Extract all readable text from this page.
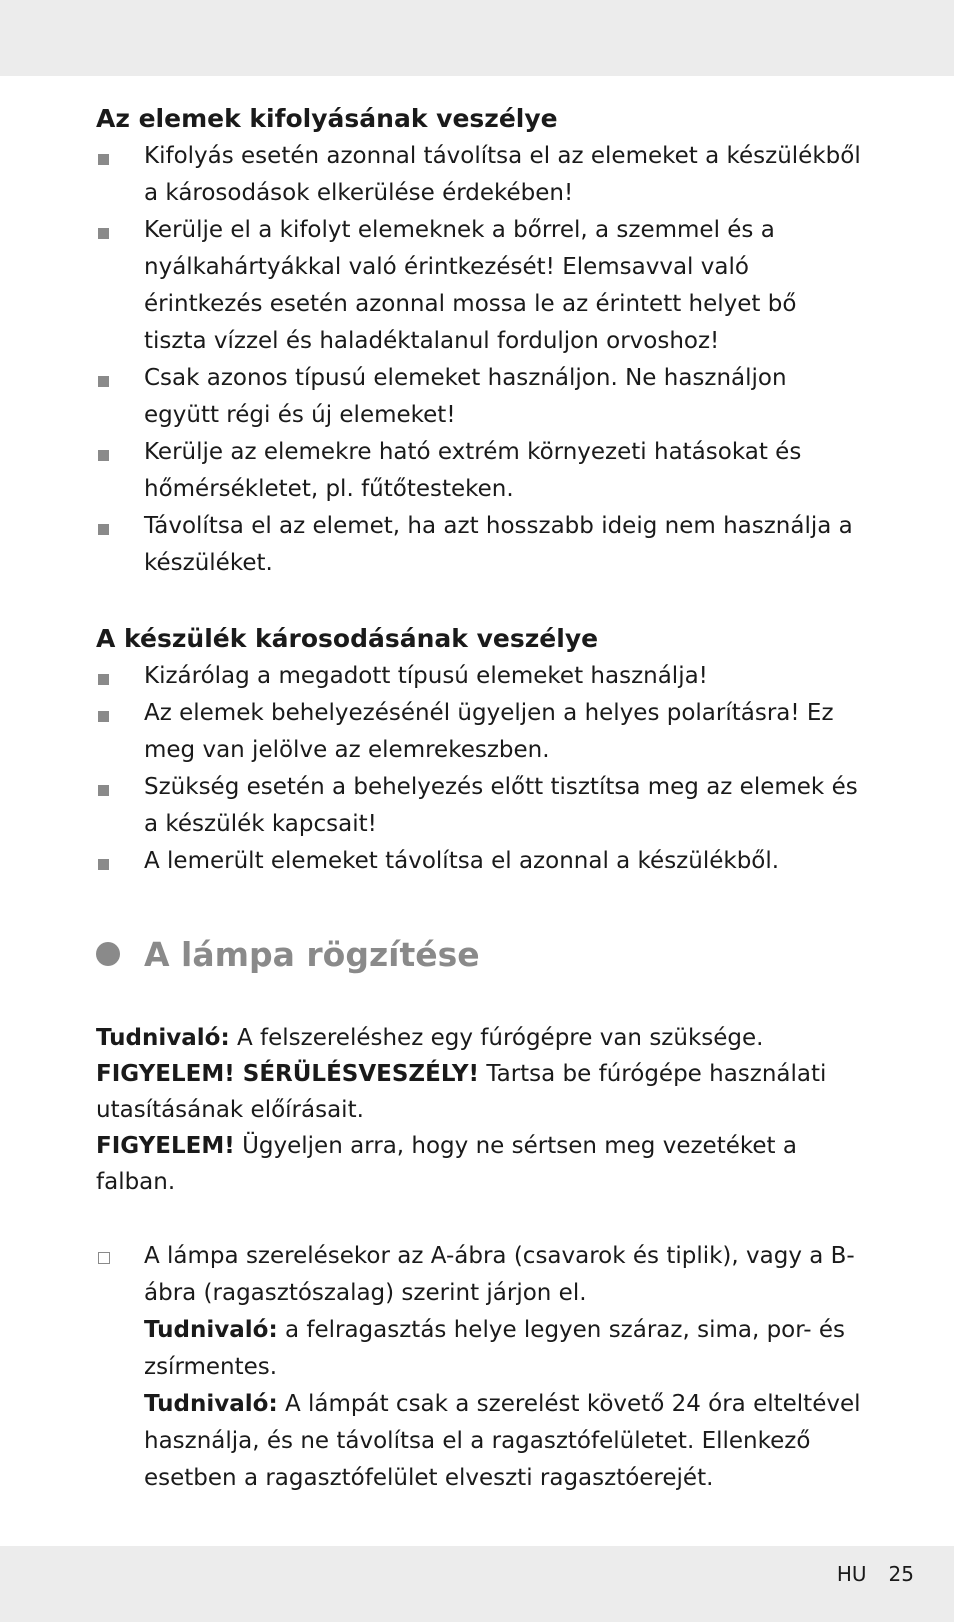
Az elemek kifolyásának veszélye
Kifolyás esetén azonnal távolítsa el az elemeket a készülékből a károsodások elkerülése érdekében!
Kerülje el a kifolyt elemeknek a bőrrel, a szemmel és a nyálkahártyákkal való érintkezését! Elemsavval való érintkezés esetén azonnal mossa le az érintett helyet bő tiszta vízzel és haladéktalanul forduljon orvoshoz!
Csak azonos típusú elemeket használjon. Ne használjon együtt régi és új elemeket!
Kerülje az elemekre ható extrém környezeti hatásokat és hőmérsékletet, pl. fűtőtesteken.
Távolítsa el az elemet, ha azt hosszabb ideig nem használja a készüléket.
A készülék károsodásának veszélye
Kizárólag a megadott típusú elemeket használja!
Az elemek behelyezésénél ügyeljen a helyes polarításra! Ez meg van jelölve az elemrekeszben.
Szükség esetén a behelyezés előtt tisztítsa meg az elemek és a készülék kapcsait!
A lemerült elemeket távolítsa el azonnal a készülékből.
A lámpa rögzítése

Tudnivaló: A felszereléshez egy fúrógépre van szüksége.

FIGYELEM! SÉRÜLÉSVESZÉLY! Tartsa be fúrógépe használati utasításának előírásait.

FIGYELEM! Ügyeljen arra, hogy ne sértsen meg vezetéket a falban.

A lámpa szerelésekor az A-ábra (csavarok és tiplik), vagy a B- ábra (ragasztószalag) szerint járjon el.

Tudnivaló: a felragasztás helye legyen száraz, sima, por- és zsírmentes.

Tudnivaló: A lámpát csak a szerelést követő 24 óra elteltével használja, és ne távolítsa el a ragasztófelületet. Ellenkező esetben a ragasztófelület elveszti ragasztóerejét.

HU 25
